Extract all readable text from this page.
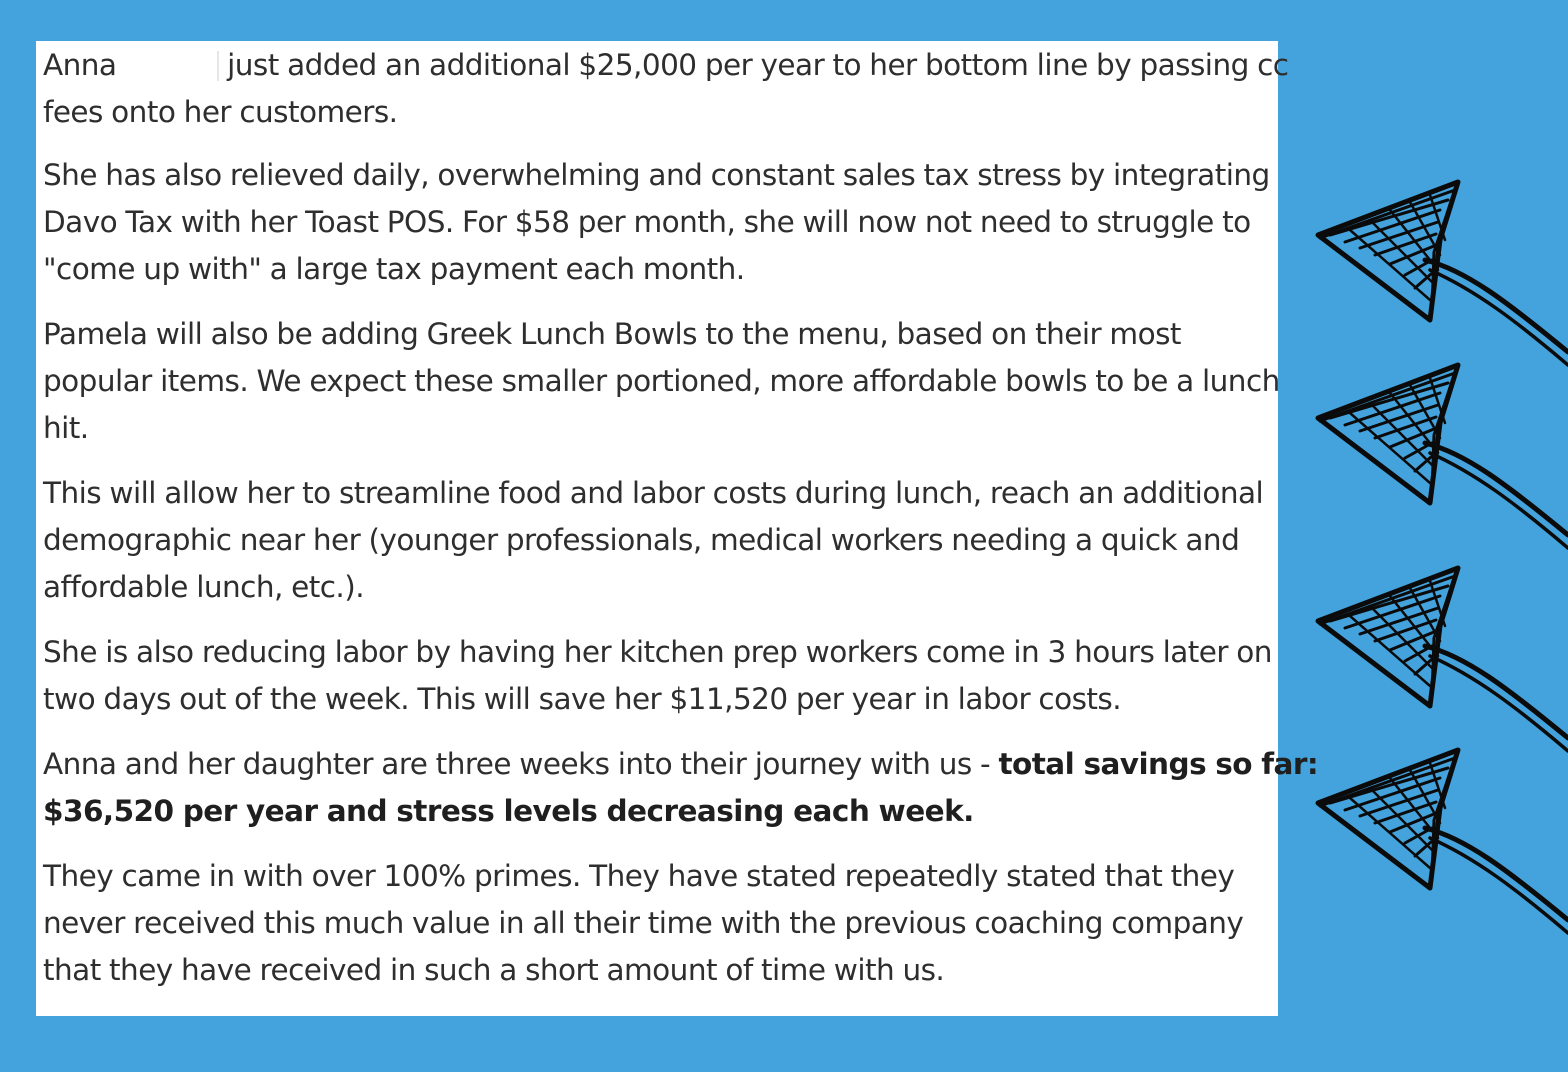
Anna	just added an additional $25,000 per year to her bottom line by passing cc
fees onto her customers.

She has also relieved daily, overwhelming and constant sales tax stress by integrating
Davo Tax with her Toast POS. For $58 per month, she will now not need to struggle to
"come up with" a large tax payment each month.

Pamela will also be adding Greek Lunch Bowls to the menu, based on their most
popular items. We expect these smaller portioned, more affordable bowls to be a lunch
hit.

This will allow her to streamline food and labor costs during lunch, reach an additional
demographic near her (younger professionals, medical workers needing a quick and
affordable lunch, etc.).

She is also reducing labor by having her kitchen prep workers come in 3 hours later on
two days out of the week. This will save her $11,520 per year in labor costs.

Anna and her daughter are three weeks into their journey with us - total savings so far:
$36,520 per year and stress levels decreasing each week.

They came in with over 100% primes. They have stated repeatedly stated that they
never received this much value in all their time with the previous coaching company
that they have received in such a short amount of time with us.
